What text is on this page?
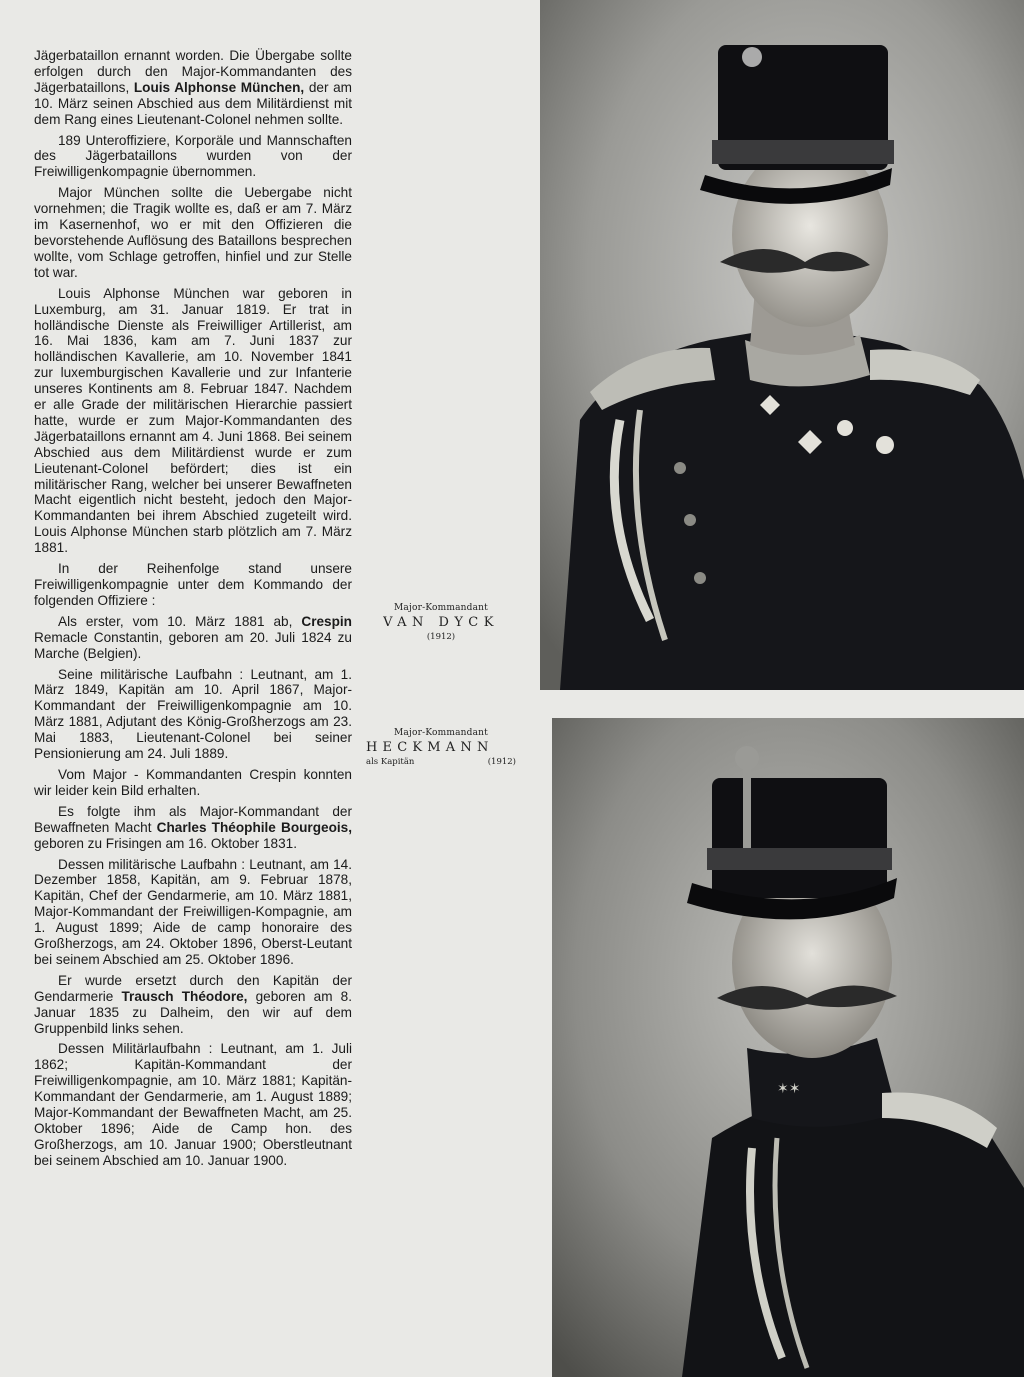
Jägerbataillon ernannt worden. Die Übergabe sollte erfolgen durch den Major-Kommandanten des Jägerbataillons, Louis Alphonse München, der am 10. März seinen Abschied aus dem Militärdienst mit dem Rang eines Lieutenant-Colonel nehmen sollte.

189 Unteroffiziere, Korporäle und Mannschaften des Jägerbataillons wurden von der Freiwilligenkompagnie übernommen.

Major München sollte die Uebergabe nicht vornehmen; die Tragik wollte es, daß er am 7. März im Kasernenhof, wo er mit den Offizieren die bevorstehende Auflösung des Bataillons besprechen wollte, vom Schlage getroffen, hinfiel und zur Stelle tot war.

Louis Alphonse München war geboren in Luxemburg, am 31. Januar 1819. Er trat in holländische Dienste als Freiwilliger Artillerist, am 16. Mai 1836, kam am 7. Juni 1837 zur holländischen Kavallerie, am 10. November 1841 zur luxemburgischen Kavallerie und zur Infanterie unseres Kontinents am 8. Februar 1847. Nachdem er alle Grade der militärischen Hierarchie passiert hatte, wurde er zum Major-Kommandanten des Jägerbataillons ernannt am 4. Juni 1868. Bei seinem Abschied aus dem Militärdienst wurde er zum Lieutenant-Colonel befördert; dies ist ein militärischer Rang, welcher bei unserer Bewaffneten Macht eigentlich nicht besteht, jedoch den Major-Kommandanten bei ihrem Abschied zugeteilt wird. Louis Alphonse München starb plötzlich am 7. März 1881.

In der Reihenfolge stand unsere Freiwilligenkompagnie unter dem Kommando der folgenden Offiziere :

Als erster, vom 10. März 1881 ab, Crespin Remacle Constantin, geboren am 20. Juli 1824 zu Marche (Belgien).

Seine militärische Laufbahn : Leutnant, am 1. März 1849, Kapitän am 10. April 1867, Major-Kommandant der Freiwilligenkompagnie am 10. März 1881, Adjutant des König-Großherzogs am 23. Mai 1883, Lieutenant-Colonel bei seiner Pensionierung am 24. Juli 1889.

Vom Major - Kommandanten Crespin konnten wir leider kein Bild erhalten.

Es folgte ihm als Major-Kommandant der Bewaffneten Macht Charles Théophile Bourgeois, geboren zu Frisingen am 16. Oktober 1831.

Dessen militärische Laufbahn : Leutnant, am 14. Dezember 1858, Kapitän, am 9. Februar 1878, Kapitän, Chef der Gendarmerie, am 10. März 1881, Major-Kommandant der Freiwilligen-Kompagnie, am 1. August 1899; Aide de camp honoraire des Großherzogs, am 24. Oktober 1896, Oberst-Leutant bei seinem Abschied am 25. Oktober 1896.

Er wurde ersetzt durch den Kapitän der Gendarmerie Trausch Théodore, geboren am 8. Januar 1835 zu Dalheim, den wir auf dem Gruppenbild links sehen.

Dessen Militärlaufbahn : Leutnant, am 1. Juli 1862; Kapitän-Kommandant der Freiwilligenkompagnie, am 10. März 1881; Kapitän-Kommandant der Gendarmerie, am 1. August 1889; Major-Kommandant der Bewaffneten Macht, am 25. Oktober 1896; Aide de Camp hon. des Großherzogs, am 10. Januar 1900; Oberstleutnant bei seinem Abschied am 10. Januar 1900.

✶✶
Major-Kommandant
VAN DYCK
(1912)
Major-Kommandant
HECKMANN
als Kapitän	(1912)
